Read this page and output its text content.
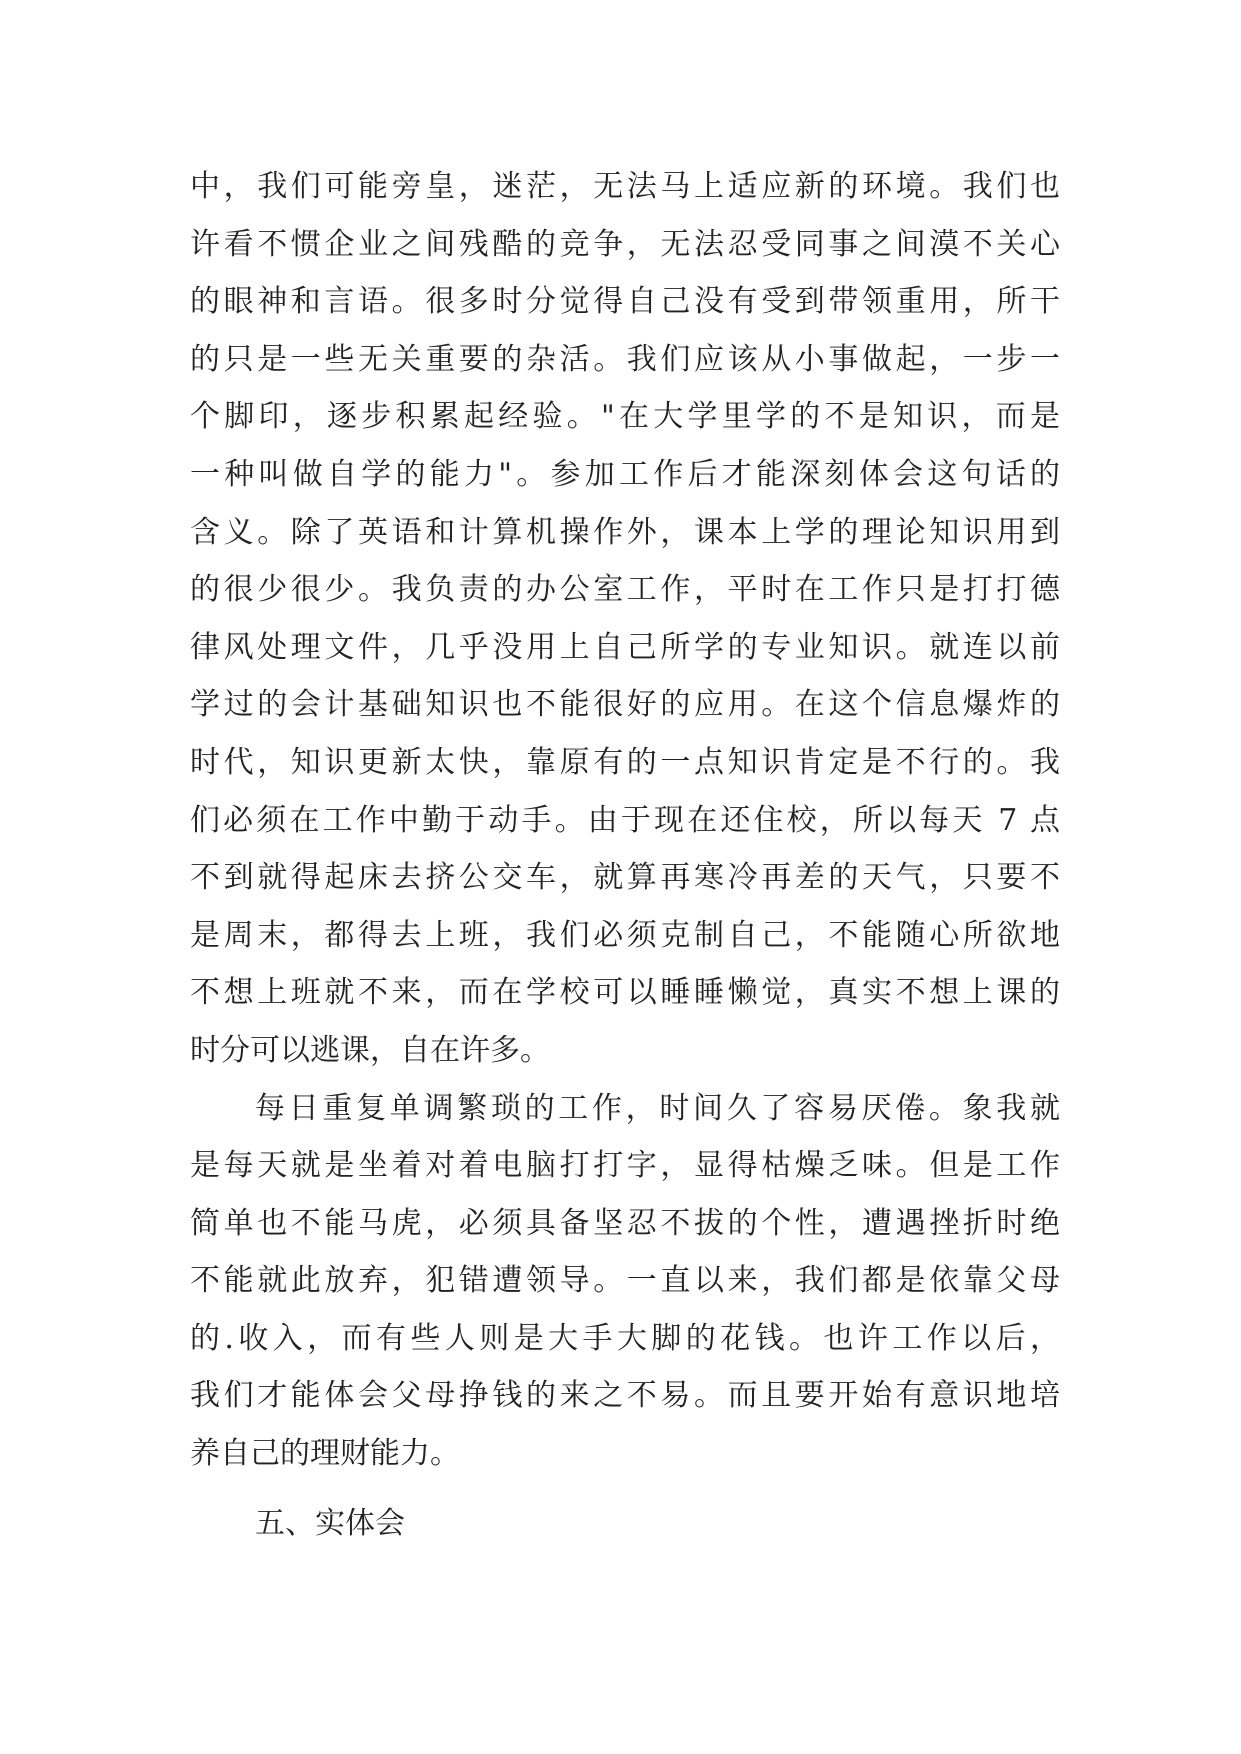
中，我们可能旁皇，迷茫，无法马上适应新的环境。我们也
许看不惯企业之间残酷的竞争，无法忍受同事之间漠不关心
的眼神和言语。很多时分觉得自己没有受到带领重用，所干
的只是一些无关重要的杂活。我们应该从小事做起，一步一
个脚印，逐步积累起经验。"在大学里学的不是知识，而是
一种叫做自学的能力"。参加工作后才能深刻体会这句话的
含义。除了英语和计算机操作外，课本上学的理论知识用到
的很少很少。我负责的办公室工作，平时在工作只是打打德
律风处理文件，几乎没用上自己所学的专业知识。就连以前
学过的会计基础知识也不能很好的应用。在这个信息爆炸的
时代，知识更新太快，靠原有的一点知识肯定是不行的。我
们必须在工作中勤于动手。由于现在还住校，所以每天 7 点
不到就得起床去挤公交车，就算再寒冷再差的天气，只要不
是周末，都得去上班，我们必须克制自己，不能随心所欲地
不想上班就不来，而在学校可以睡睡懒觉，真实不想上课的
时分可以逃课，自在许多。
每日重复单调繁琐的工作，时间久了容易厌倦。象我就
是每天就是坐着对着电脑打打字，显得枯燥乏味。但是工作
简单也不能马虎，必须具备坚忍不拔的个性，遭遇挫折时绝
不能就此放弃，犯错遭领导。一直以来，我们都是依靠父母
的.收入，而有些人则是大手大脚的花钱。也许工作以后，
我们才能体会父母挣钱的来之不易。而且要开始有意识地培
养自己的理财能力。
五、实体会
